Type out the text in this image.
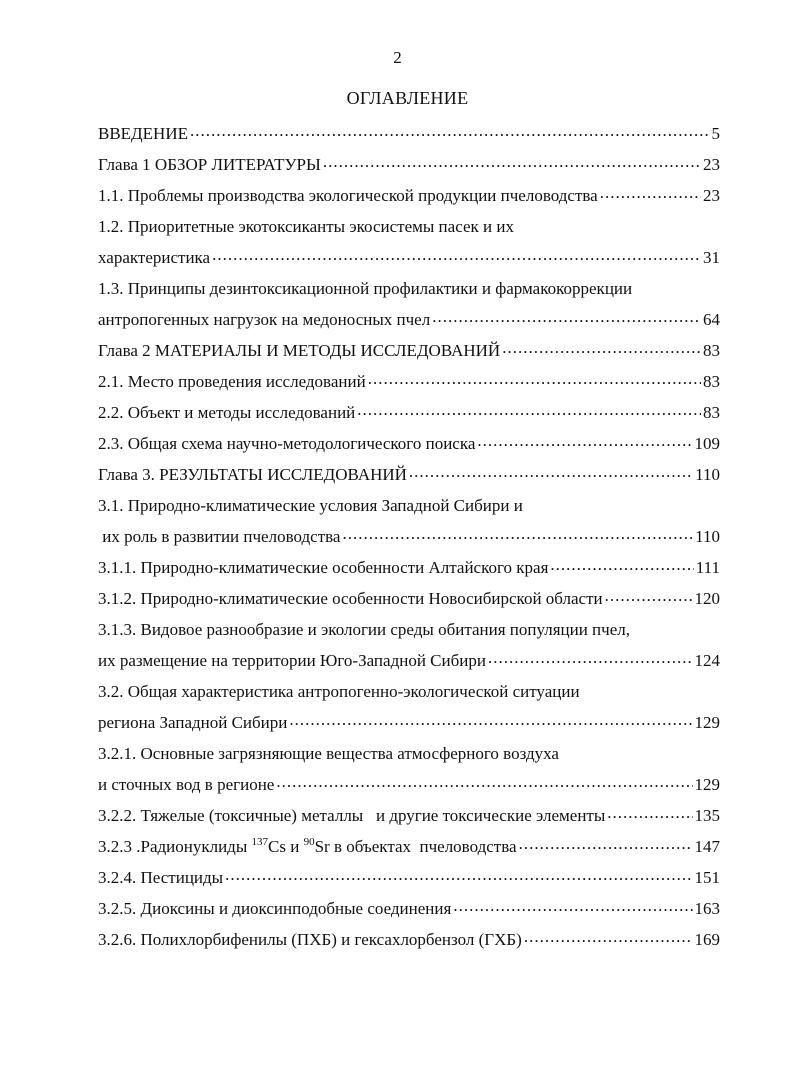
2
ОГЛАВЛЕНИЕ
ВВЕДЕНИЕ .....	5
Глава 1 ОБЗОР ЛИТЕРАТУРЫ .....	23
1.1. Проблемы производства экологической продукции пчеловодства .....	23
1.2. Приоритетные экотоксиканты экосистемы пасек и их
характеристика .....	31
1.3. Принципы дезинтоксикационной профилактики и фармакокоррекции
антропогенных нагрузок на медоносных пчел .....	64
Глава 2 МАТЕРИАЛЫ И МЕТОДЫ ИССЛЕДОВАНИЙ .....	83
2.1. Место проведения исследований .....	83
2.2. Объект и методы исследований .....	83
2.3. Общая схема научно-методологического поиска .....	109
Глава 3. РЕЗУЛЬТАТЫ ИССЛЕДОВАНИЙ .....	110
3.1. Природно-климатические условия Западной Сибири и
их роль в развитии пчеловодства .....	110
3.1.1. Природно-климатические особенности Алтайского края .....	111
3.1.2. Природно-климатические особенности Новосибирской области .....	120
3.1.3. Видовое разнообразие и экологии среды обитания популяции пчел,
их размещение на территории Юго-Западной Сибири .....	124
3.2. Общая характеристика антропогенно-экологической ситуации
региона Западной Сибири .....	129
3.2.1. Основные загрязняющие вещества атмосферного воздуха
и сточных вод в регионе .....	129
3.2.2. Тяжелые (токсичные) металлы   и другие токсические элементы .....	135
3.2.3 .Радионуклиды $^{137}$Cs и $^{90}$Sr в объектах  пчеловодства .....	147
3.2.4. Пестициды .....	151
3.2.5. Диоксины и диоксинподобные соединения .....	163
3.2.6. Полихлорбифенилы (ПХБ) и гексахлорбензол (ГХБ) .....	169
